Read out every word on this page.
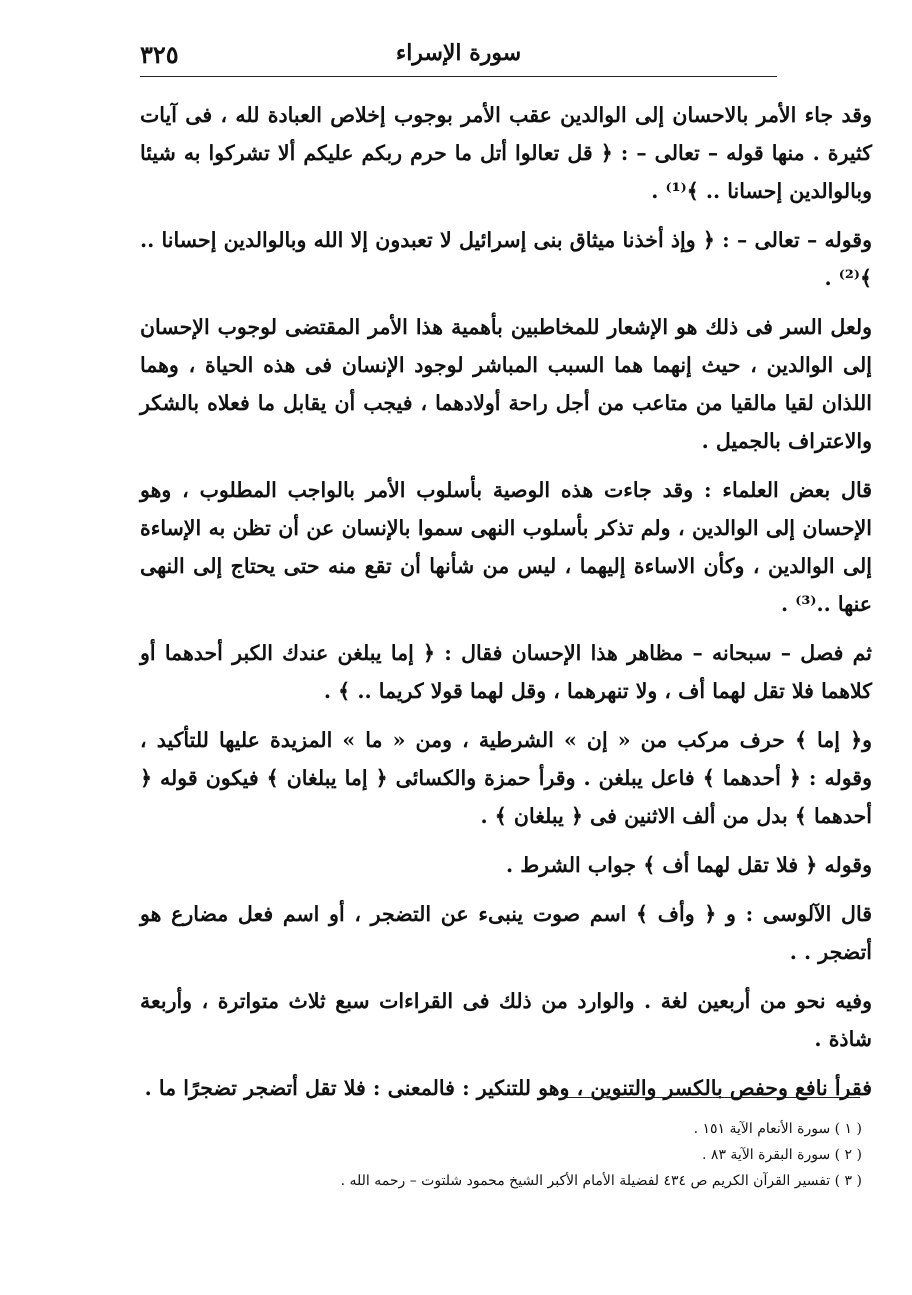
٣٢٥	سورة الإسراء

وقد جاء الأمر بالاحسان إلى الوالدين عقب الأمر بوجوب إخلاص العبادة لله ، فى آيات كثيرة . منها قوله – تعالى – : ﴿ قل تعالوا أتل ما حرم ربكم عليكم ألا تشركوا به شيئا وبالوالدين إحسانا .. ﴾⁽¹⁾ .

وقوله – تعالى – : ﴿ وإذ أخذنا ميثاق بنى إسرائيل لا تعبدون إلا الله وبالوالدين إحسانا .. ﴾⁽²⁾ .

ولعل السر فى ذلك هو الإشعار للمخاطبين بأهمية هذا الأمر المقتضى لوجوب الإحسان إلى الوالدين ، حيث إنهما هما السبب المباشر لوجود الإنسان فى هذه الحياة ، وهما اللذان لقيا مالقيا من متاعب من أجل راحة أولادهما ، فيجب أن يقابل ما فعلاه بالشكر والاعتراف بالجميل .

قال بعض العلماء : وقد جاءت هذه الوصية بأسلوب الأمر بالواجب المطلوب ، وهو الإحسان إلى الوالدين ، ولم تذكر بأسلوب النهى سموا بالإنسان عن أن تظن به الإساءة إلى الوالدين ، وكأن الاساءة إليهما ، ليس من شأنها أن تقع منه حتى يحتاج إلى النهى عنها ..⁽³⁾ .

ثم فصل – سبحانه – مظاهر هذا الإحسان فقال : ﴿ إما يبلغن عندك الكبر أحدهما أو كلاهما فلا تقل لهما أف ، ولا تنهرهما ، وقل لهما قولا كريما .. ﴾ .

و﴿ إما ﴾ حرف مركب من « إن » الشرطية ، ومن « ما » المزيدة عليها للتأكيد ، وقوله : ﴿ أحدهما ﴾ فاعل يبلغن . وقرأ حمزة والكسائى ﴿ إما يبلغان ﴾ فيكون قوله ﴿ أحدهما ﴾ بدل من ألف الاثنين فى ﴿ يبلغان ﴾ .

وقوله ﴿ فلا تقل لهما أف ﴾ جواب الشرط .

قال الآلوسى : و ﴿ وأف ﴾ اسم صوت ينبىء عن التضجر ، أو اسم فعل مضارع هو أتضجر . .

وفيه نحو من أربعين لغة . والوارد من ذلك فى القراءات سبع ثلاث متواترة ، وأربعة شاذة .

فقرأ نافع وحفص بالكسر والتنوين ، وهو للتنكير : فالمعنى : فلا تقل أتضجر تضجرًا ما .

( ١ ) سورة الأنعام الآية ١٥١ .
( ٢ ) سورة البقرة الآية ٨٣ .
( ٣ ) تفسير القرآن الكريم ص ٤٣٤ لفضيلة الأمام الأكبر الشيخ محمود شلتوت – رحمه الله .
